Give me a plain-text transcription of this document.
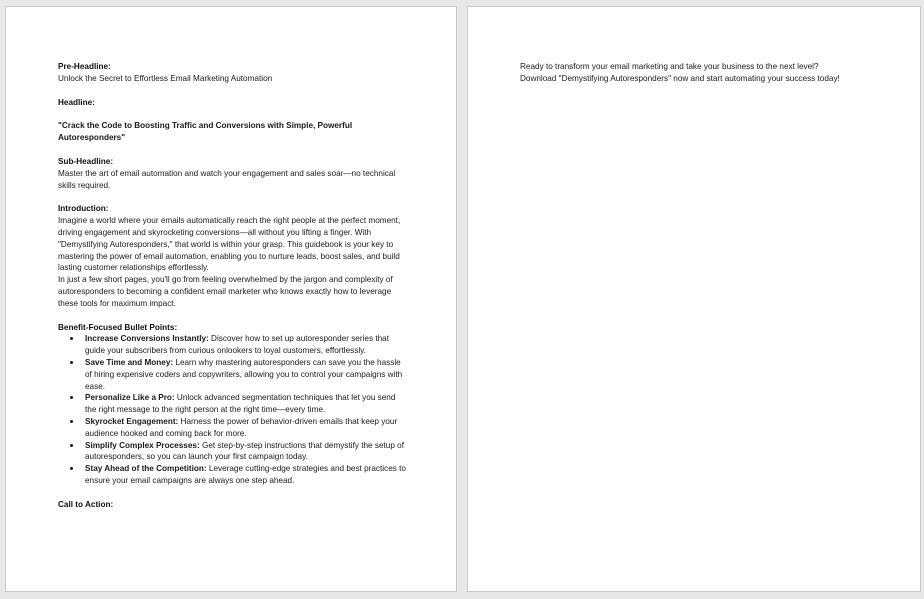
Pre-Headline:

Unlock the Secret to Effortless Email Marketing Automation

Headline:

"Crack the Code to Boosting Traffic and Conversions with Simple, Powerful Autoresponders"

Sub-Headline:

Master the art of email automation and watch your engagement and sales soar—no technical skills required.

Introduction:

Imagine a world where your emails automatically reach the right people at the perfect moment, driving engagement and skyrocketing conversions—all without you lifting a finger. With "Demystifying Autoresponders," that world is within your grasp. This guidebook is your key to mastering the power of email automation, enabling you to nurture leads, boost sales, and build lasting customer relationships effortlessly.

In just a few short pages, you'll go from feeling overwhelmed by the jargon and complexity of autoresponders to becoming a confident email marketer who knows exactly how to leverage these tools for maximum impact.

Benefit-Focused Bullet Points:

Increase Conversions Instantly: Discover how to set up autoresponder series that guide your subscribers from curious onlookers to loyal customers, effortlessly.
Save Time and Money: Learn why mastering autoresponders can save you the hassle of hiring expensive coders and copywriters, allowing you to control your campaigns with ease.
Personalize Like a Pro: Unlock advanced segmentation techniques that let you send the right message to the right person at the right time—every time.
Skyrocket Engagement: Harness the power of behavior-driven emails that keep your audience hooked and coming back for more.
Simplify Complex Processes: Get step-by-step instructions that demystify the setup of autoresponders, so you can launch your first campaign today.
Stay Ahead of the Competition: Leverage cutting-edge strategies and best practices to ensure your email campaigns are always one step ahead.

Call to Action:

Ready to transform your email marketing and take your business to the next level? Download "Demystifying Autoresponders" now and start automating your success today!
